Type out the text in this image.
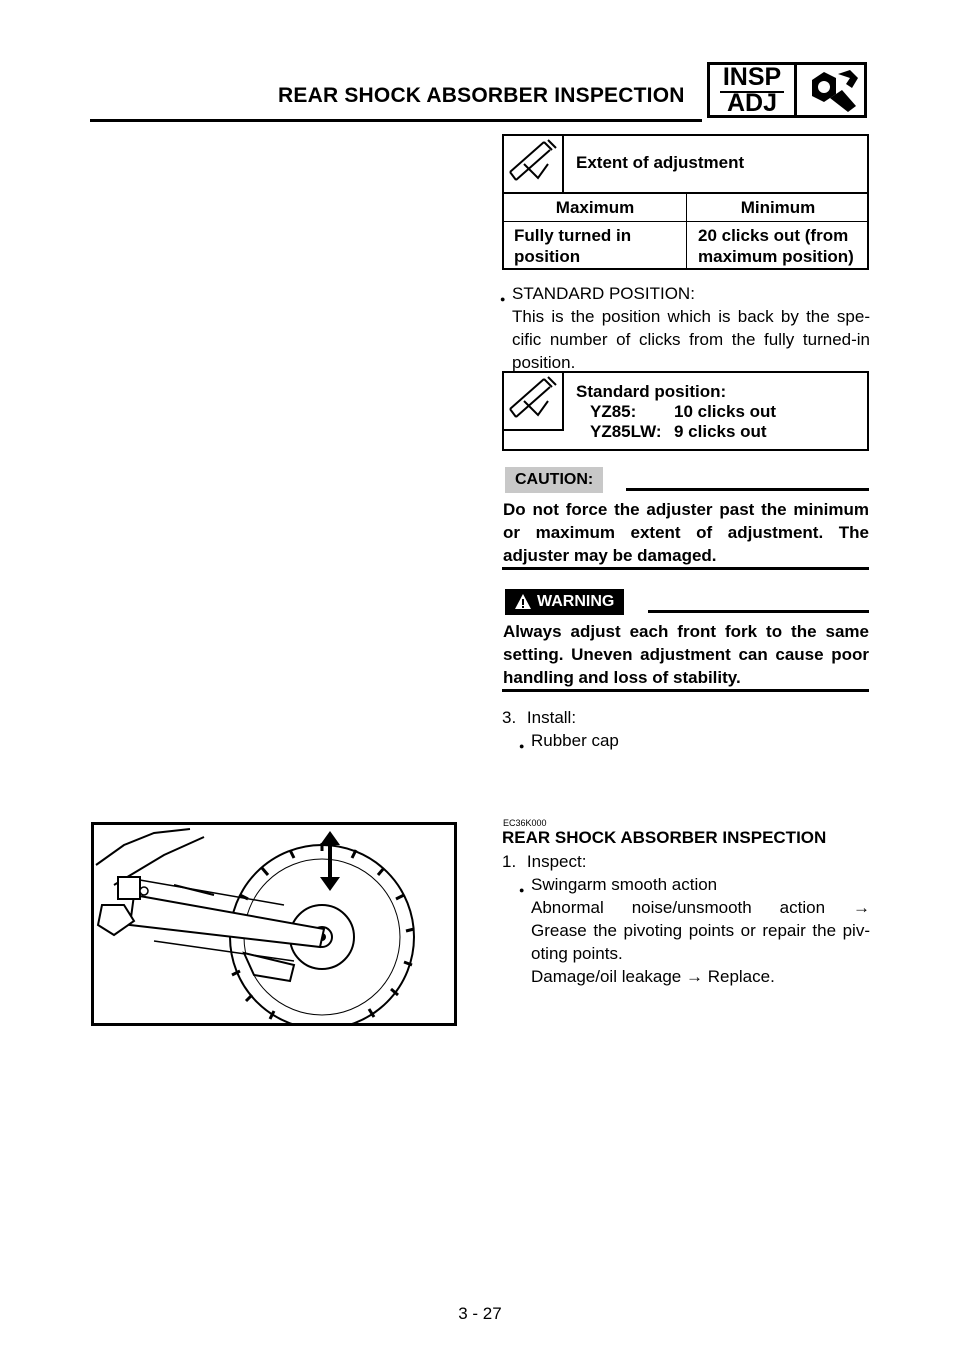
REAR SHOCK ABSORBER INSPECTION
INSP
ADJ
Extent of adjustment
Maximum	Minimum
Fully turned in
position
20 clicks out (from
maximum position)
● STANDARD POSITION:
This is the position which is back by the spe-
cific number of clicks from the fully turned-in
position.
Standard position:
YZ85: 10 clicks out
YZ85LW: 9 clicks out
CAUTION:
Do not force the adjuster past the minimum
or maximum extent of adjustment. The
adjuster may be damaged.
WARNING
Always adjust each front fork to the same
setting. Uneven adjustment can cause poor
handling and loss of stability.
3. Install:
● Rubber cap
EC36K000
REAR SHOCK ABSORBER INSPECTION
1. Inspect:
● Swingarm smooth action
Abnormal noise/unsmooth action →
Grease the pivoting points or repair the piv-
oting points.
Damage/oil leakage → Replace.
3 - 27
